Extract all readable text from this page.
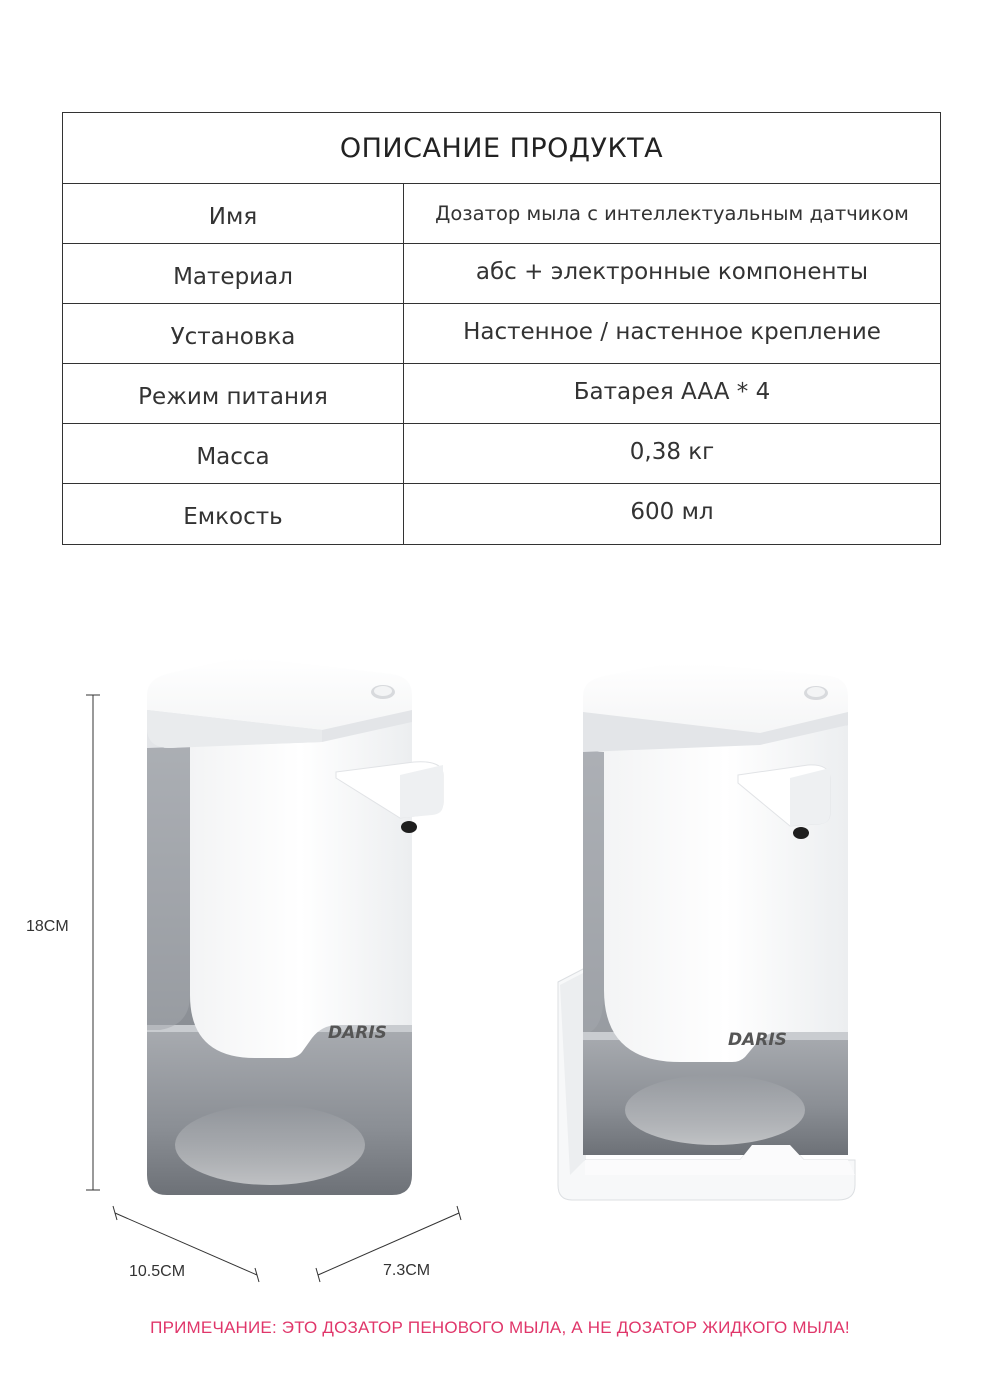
ОПИСАНИЕ ПРОДУКТА
Имя	Дозатор мыла с интеллектуальным датчиком
Материал	абс + электронные компоненты
Установка	Настенное / настенное крепление
Режим питания	Батарея AAA * 4
Масса	0,38 кг
Емкость	600 мл
DARIS	DARIS
18CM
10.5CM	7.3CM
ПРИМЕЧАНИЕ: ЭТО ДОЗАТОР ПЕНОВОГО МЫЛА, А НЕ ДОЗАТОР ЖИДКОГО МЫЛА!
